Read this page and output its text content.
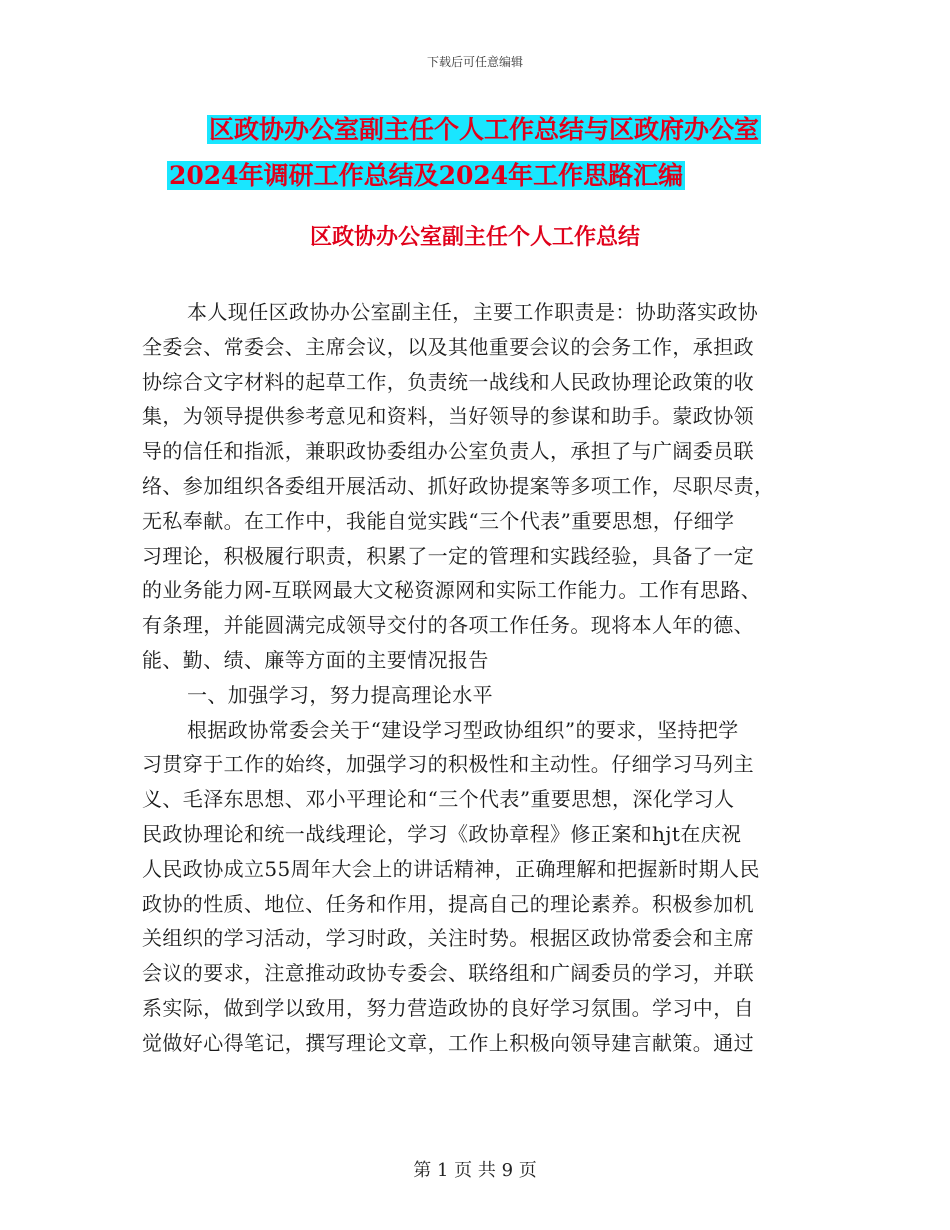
下载后可任意编辑
区政协办公室副主任个人工作总结与区政府办公室
2024年调研工作总结及2024年工作思路汇编
区政协办公室副主任个人工作总结
本人现任区政协办公室副主任，主要工作职责是：协助落实政协
全委会、常委会、主席会议，以及其他重要会议的会务工作，承担政
协综合文字材料的起草工作，负责统一战线和人民政协理论政策的收
集，为领导提供参考意见和资料，当好领导的参谋和助手。蒙政协领
导的信任和指派，兼职政协委组办公室负责人，承担了与广阔委员联
络、参加组织各委组开展活动、抓好政协提案等多项工作，尽职尽责，
无私奉献。在工作中，我能自觉实践“三个代表”重要思想，仔细学
习理论，积极履行职责，积累了一定的管理和实践经验，具备了一定
的业务能力网-互联网最大文秘资源网和实际工作能力。工作有思路、
有条理，并能圆满完成领导交付的各项工作任务。现将本人年的德、
能、勤、绩、廉等方面的主要情况报告
一、加强学习，努力提高理论水平
根据政协常委会关于“建设学习型政协组织”的要求，坚持把学
习贯穿于工作的始终，加强学习的积极性和主动性。仔细学习马列主
义、毛泽东思想、邓小平理论和“三个代表”重要思想，深化学习人
民政协理论和统一战线理论，学习《政协章程》修正案和hjt在庆祝
人民政协成立55周年大会上的讲话精神，正确理解和把握新时期人民
政协的性质、地位、任务和作用，提高自己的理论素养。积极参加机
关组织的学习活动，学习时政，关注时势。根据区政协常委会和主席
会议的要求，注意推动政协专委会、联络组和广阔委员的学习，并联
系实际，做到学以致用，努力营造政协的良好学习氛围。学习中，自
觉做好心得笔记，撰写理论文章，工作上积极向领导建言献策。通过
第 1 页 共 9 页
